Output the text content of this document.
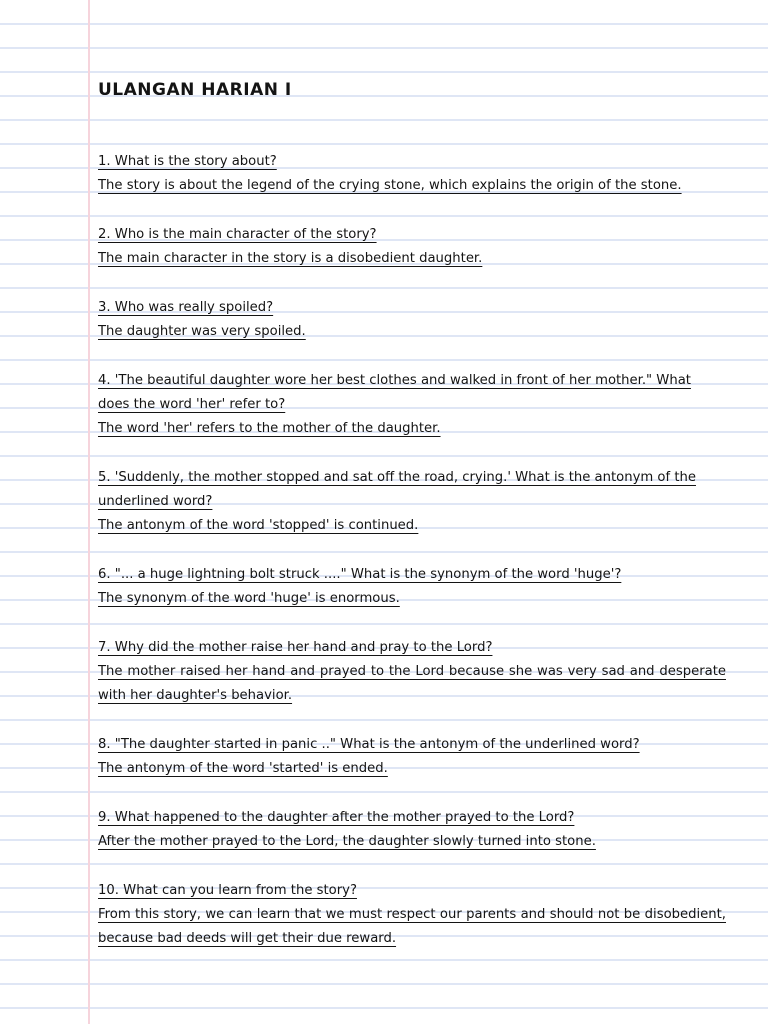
ULANGAN HARIAN I
1. What is the story about?
The story is about the legend of the crying stone, which explains the origin of the stone.
2. Who is the main character of the story?
The main character in the story is a disobedient daughter.
3. Who was really spoiled?
The daughter was very spoiled.
4. 'The beautiful daughter wore her best clothes and walked in front of her mother." What does the word 'her' refer to?
The word 'her' refers to the mother of the daughter.
5. 'Suddenly, the mother stopped and sat off the road, crying.' What is the antonym of the underlined word?
The antonym of the word 'stopped' is continued.
6. "... a huge lightning bolt struck ...." What is the synonym of the word 'huge'?
The synonym of the word 'huge' is enormous.
7. Why did the mother raise her hand and pray to the Lord?
The mother raised her hand and prayed to the Lord because she was very sad and desperate with her daughter's behavior.
8. "The daughter started in panic .." What is the antonym of the underlined word?
The antonym of the word 'started' is ended.
9. What happened to the daughter after the mother prayed to the Lord?
After the mother prayed to the Lord, the daughter slowly turned into stone.
10. What can you learn from the story?
From this story, we can learn that we must respect our parents and should not be disobedient, because bad deeds will get their due reward.
